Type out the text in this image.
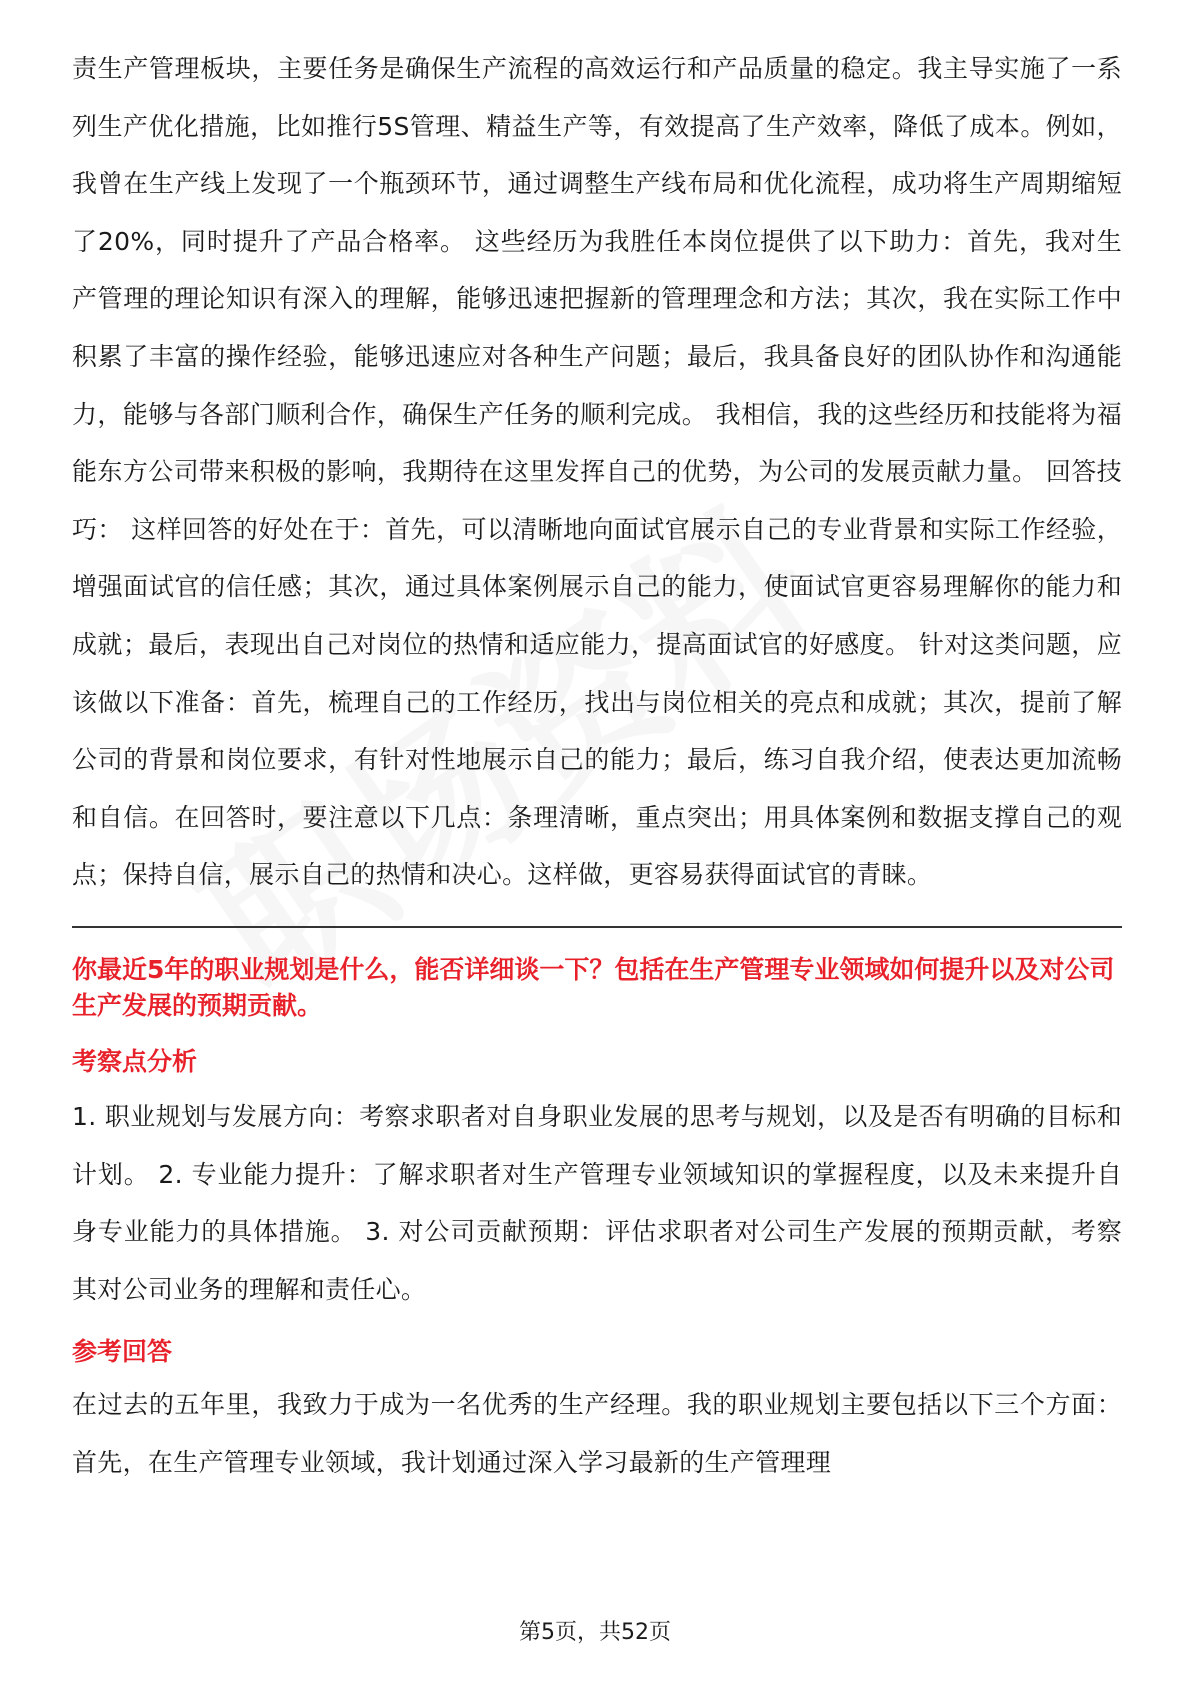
责生产管理板块，主要任务是确保生产流程的高效运行和产品质量的稳定。我主导实施了一系列生产优化措施，比如推行5S管理、精益生产等，有效提高了生产效率，降低了成本。例如，我曾在生产线上发现了一个瓶颈环节，通过调整生产线布局和优化流程，成功将生产周期缩短了20%，同时提升了产品合格率。 这些经历为我胜任本岗位提供了以下助力：首先，我对生产管理的理论知识有深入的理解，能够迅速把握新的管理理念和方法；其次，我在实际工作中积累了丰富的操作经验，能够迅速应对各种生产问题；最后，我具备良好的团队协作和沟通能力，能够与各部门顺利合作，确保生产任务的顺利完成。 我相信，我的这些经历和技能将为福能东方公司带来积极的影响，我期待在这里发挥自己的优势，为公司的发展贡献力量。 回答技巧： 这样回答的好处在于：首先，可以清晰地向面试官展示自己的专业背景和实际工作经验，增强面试官的信任感；其次，通过具体案例展示自己的能力，使面试官更容易理解你的能力和成就；最后，表现出自己对岗位的热情和适应能力，提高面试官的好感度。 针对这类问题，应该做以下准备：首先，梳理自己的工作经历，找出与岗位相关的亮点和成就；其次，提前了解公司的背景和岗位要求，有针对性地展示自己的能力；最后，练习自我介绍，使表达更加流畅和自信。在回答时，要注意以下几点：条理清晰，重点突出；用具体案例和数据支撑自己的观点；保持自信，展示自己的热情和决心。这样做，更容易获得面试官的青睐。

你最近5年的职业规划是什么，能否详细谈一下？包括在生产管理专业领域如何提升以及对公司生产发展的预期贡献。

考察点分析

1. 职业规划与发展方向：考察求职者对自身职业发展的思考与规划，以及是否有明确的目标和计划。 2. 专业能力提升：了解求职者对生产管理专业领域知识的掌握程度，以及未来提升自身专业能力的具体措施。 3. 对公司贡献预期：评估求职者对公司生产发展的预期贡献，考察其对公司业务的理解和责任心。

参考回答

在过去的五年里，我致力于成为一名优秀的生产经理。我的职业规划主要包括以下三个方面：首先，在生产管理专业领域，我计划通过深入学习最新的生产管理理

第5页，共52页
